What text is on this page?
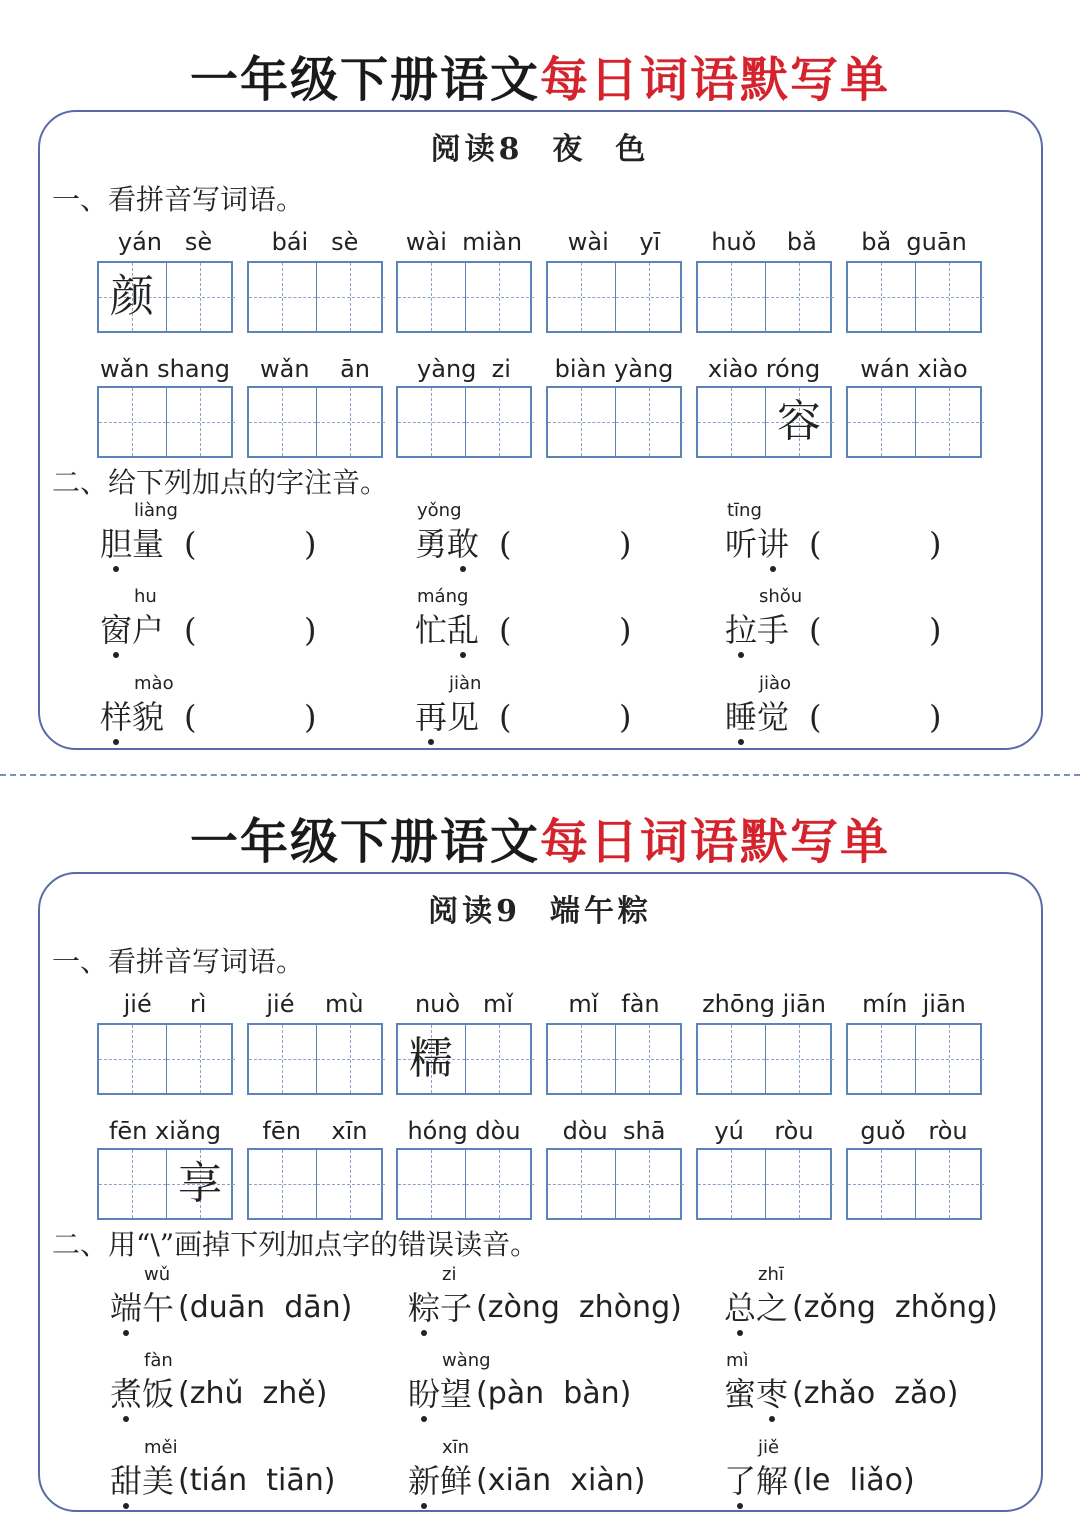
一年级下册语文每日词语默写单
阅读8  夜  色
一、看拼音写词语。
yán   sè	bái   sè	wài  miàn	wài    yī	huǒ    bǎ	bǎ  guān
颜
wǎn shang	wǎn    ān	yàng  zi	biàn yàng	xiào róng	wán xiào
容
二、给下列加点的字注音。
liàng
胆量 (	)
yǒng
勇敢 (	)
tīng
听讲 (	)
hu
窗户 (	)
máng
忙乱 (	)
shǒu
拉手 (	)
mào
样貌 (	)
jiàn
再见 (	)
jiào
睡觉 (	)
一年级下册语文每日词语默写单
阅读9  端午粽
一、看拼音写词语。
jié     rì	jié    mù	nuò   mǐ	mǐ   fàn	zhōng jiān	mín  jiān
糯
fēn xiǎng	fēn    xīn	hóng dòu	dòu  shā	yú    ròu	guǒ   ròu
享
二、用“\”画掉下列加点字的错误读音。
wǔ
端午 (duān  dān)
zi
粽子 (zòng  zhòng)
zhī
总之 (zǒng  zhǒng)
fàn
煮饭 (zhǔ  zhě)
wàng
盼望 (pàn  bàn)
mì
蜜枣 (zhǎo  zǎo)
měi
甜美 (tián  tiān)
xīn
新鲜 (xiān  xiàn)
jiě
了解 (le  liǎo)
